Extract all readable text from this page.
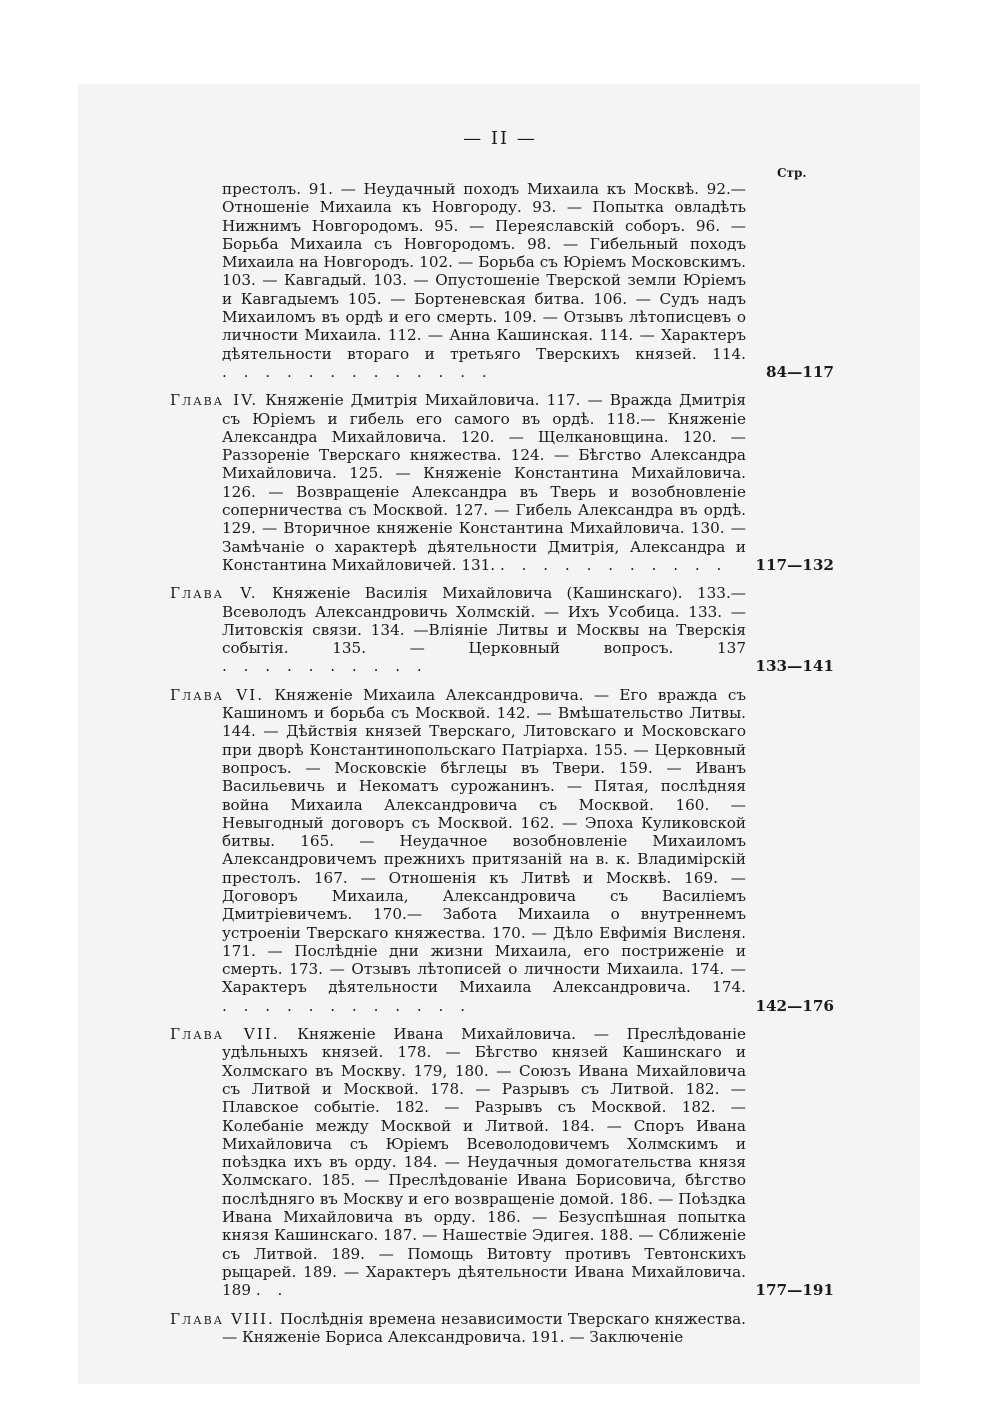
— II —
Стр.
престолъ. 91. — Неудачный походъ Михаила къ Москвѣ. 92.— Отношеніе Михаила къ Новгороду. 93. — Попытка овладѣть Нижнимъ Новгородомъ. 95. — Переяславскій соборъ. 96. — Борьба Михаила съ Новгородомъ. 98. — Гибельный походъ Михаила на Новгородъ. 102. — Борьба съ Юріемъ Московскимъ. 103. — Кавгадый. 103. — Опустошеніе Тверской земли Юріемъ и Кавгадыемъ 105. — Бортеневская битва. 106. — Судъ надъ Михаиломъ въ ордѣ и его смерть. 109. — Отзывъ лѣтописцевъ о личности Михаила. 112. — Анна Кашинская. 114. — Характеръ дѣятельности втораго и третьяго Тверскихъ князей. 114. . . . . . . . . . . . . .	84—117
Глава IV. Княженіе Дмитрія Михайловича. 117. — Вражда Дмитрія съ Юріемъ и гибель его самого въ ордѣ. 118.— Княженіе Александра Михайловича. 120. — Щелкановщина. 120. — Раззореніе Тверскаго княжества. 124. — Бѣгство Александра Михайловича. 125. — Княженіе Константина Михайловича. 126. — Возвращеніе Александра въ Тверь и возобновленіе соперничества съ Москвой. 127. — Гибель Александра въ ордѣ. 129. — Вторичное княженіе Константина Михайловича. 130. — Замѣчаніе о характерѣ дѣятельности Дмитрія, Александра и Константина Михайловичей. 131. . . . . . . . . . . .	117—132
Глава V. Княженіе Василія Михайловича (Кашинскаго). 133.— Всеволодъ Александровичь Холмскій. — Ихъ Усобица. 133. — Литовскія связи. 134. —Вліяніе Литвы и Москвы на Тверскія событія. 135. — Церковный вопросъ. 137 . . . . . . . . . .	133—141
Глава VI. Княженіе Михаила Александровича. — Его вражда съ Кашиномъ и борьба съ Москвой. 142. — Вмѣшательство Литвы. 144. — Дѣйствія князей Тверскаго, Литовскаго и Московскаго при дворѣ Константинопольскаго Патріарха. 155. — Церковный вопросъ. — Московскіе бѣглецы въ Твери. 159. — Иванъ Васильевичь и Некоматъ сурожанинъ. — Пятая, послѣдняя война Михаила Александровича съ Москвой. 160. — Невыгодный договоръ съ Москвой. 162. — Эпоха Куликовской битвы. 165. — Неудачное возобновленіе Михаиломъ Александровичемъ прежнихъ притязаній на в. к. Владимірскій престолъ. 167. — Отношенія къ Литвѣ и Москвѣ. 169. — Договоръ Михаила, Александровича съ Василіемъ Дмитріевичемъ. 170.— Забота Михаила о внутреннемъ устроеніи Тверскаго княжества. 170. — Дѣло Евфимія Висленя. 171. — Послѣдніе дни жизни Михаила, его постриженіе и смерть. 173. — Отзывъ лѣтописей о личности Михаила. 174. — Характеръ дѣятельности Михаила Александровича. 174. . . . . . . . . . . . .	142—176
Глава VII. Княженіе Ивана Михайловича. — Преслѣдованіе удѣльныхъ князей. 178. — Бѣгство князей Кашинскаго и Холмскаго въ Москву. 179, 180. — Союзъ Ивана Михайловича съ Литвой и Москвой. 178. — Разрывъ съ Литвой. 182. — Плавское событіе. 182. — Разрывъ съ Москвой. 182. — Колебаніе между Москвой и Литвой. 184. — Споръ Ивана Михайловича съ Юріемъ Всеволодовичемъ Холмскимъ и поѣздка ихъ въ орду. 184. — Неудачныя домогательства князя Холмскаго. 185. — Преслѣдованіе Ивана Борисовича, бѣгство послѣдняго въ Москву и его возвращеніе домой. 186. — Поѣздка Ивана Михайловича въ орду. 186. — Безуспѣшная попытка князя Кашинскаго. 187. — Нашествіе Эдигея. 188. — Сближеніе съ Литвой. 189. — Помощь Витовту противъ Тевтонскихъ рыцарей. 189. — Характеръ дѣятельности Ивана Михайловича. 189 . .	177—191
Глава VIII. Послѣднія времена независимости Тверскаго княжества. — Княженіе Бориса Александровича. 191. — Заключеніе
